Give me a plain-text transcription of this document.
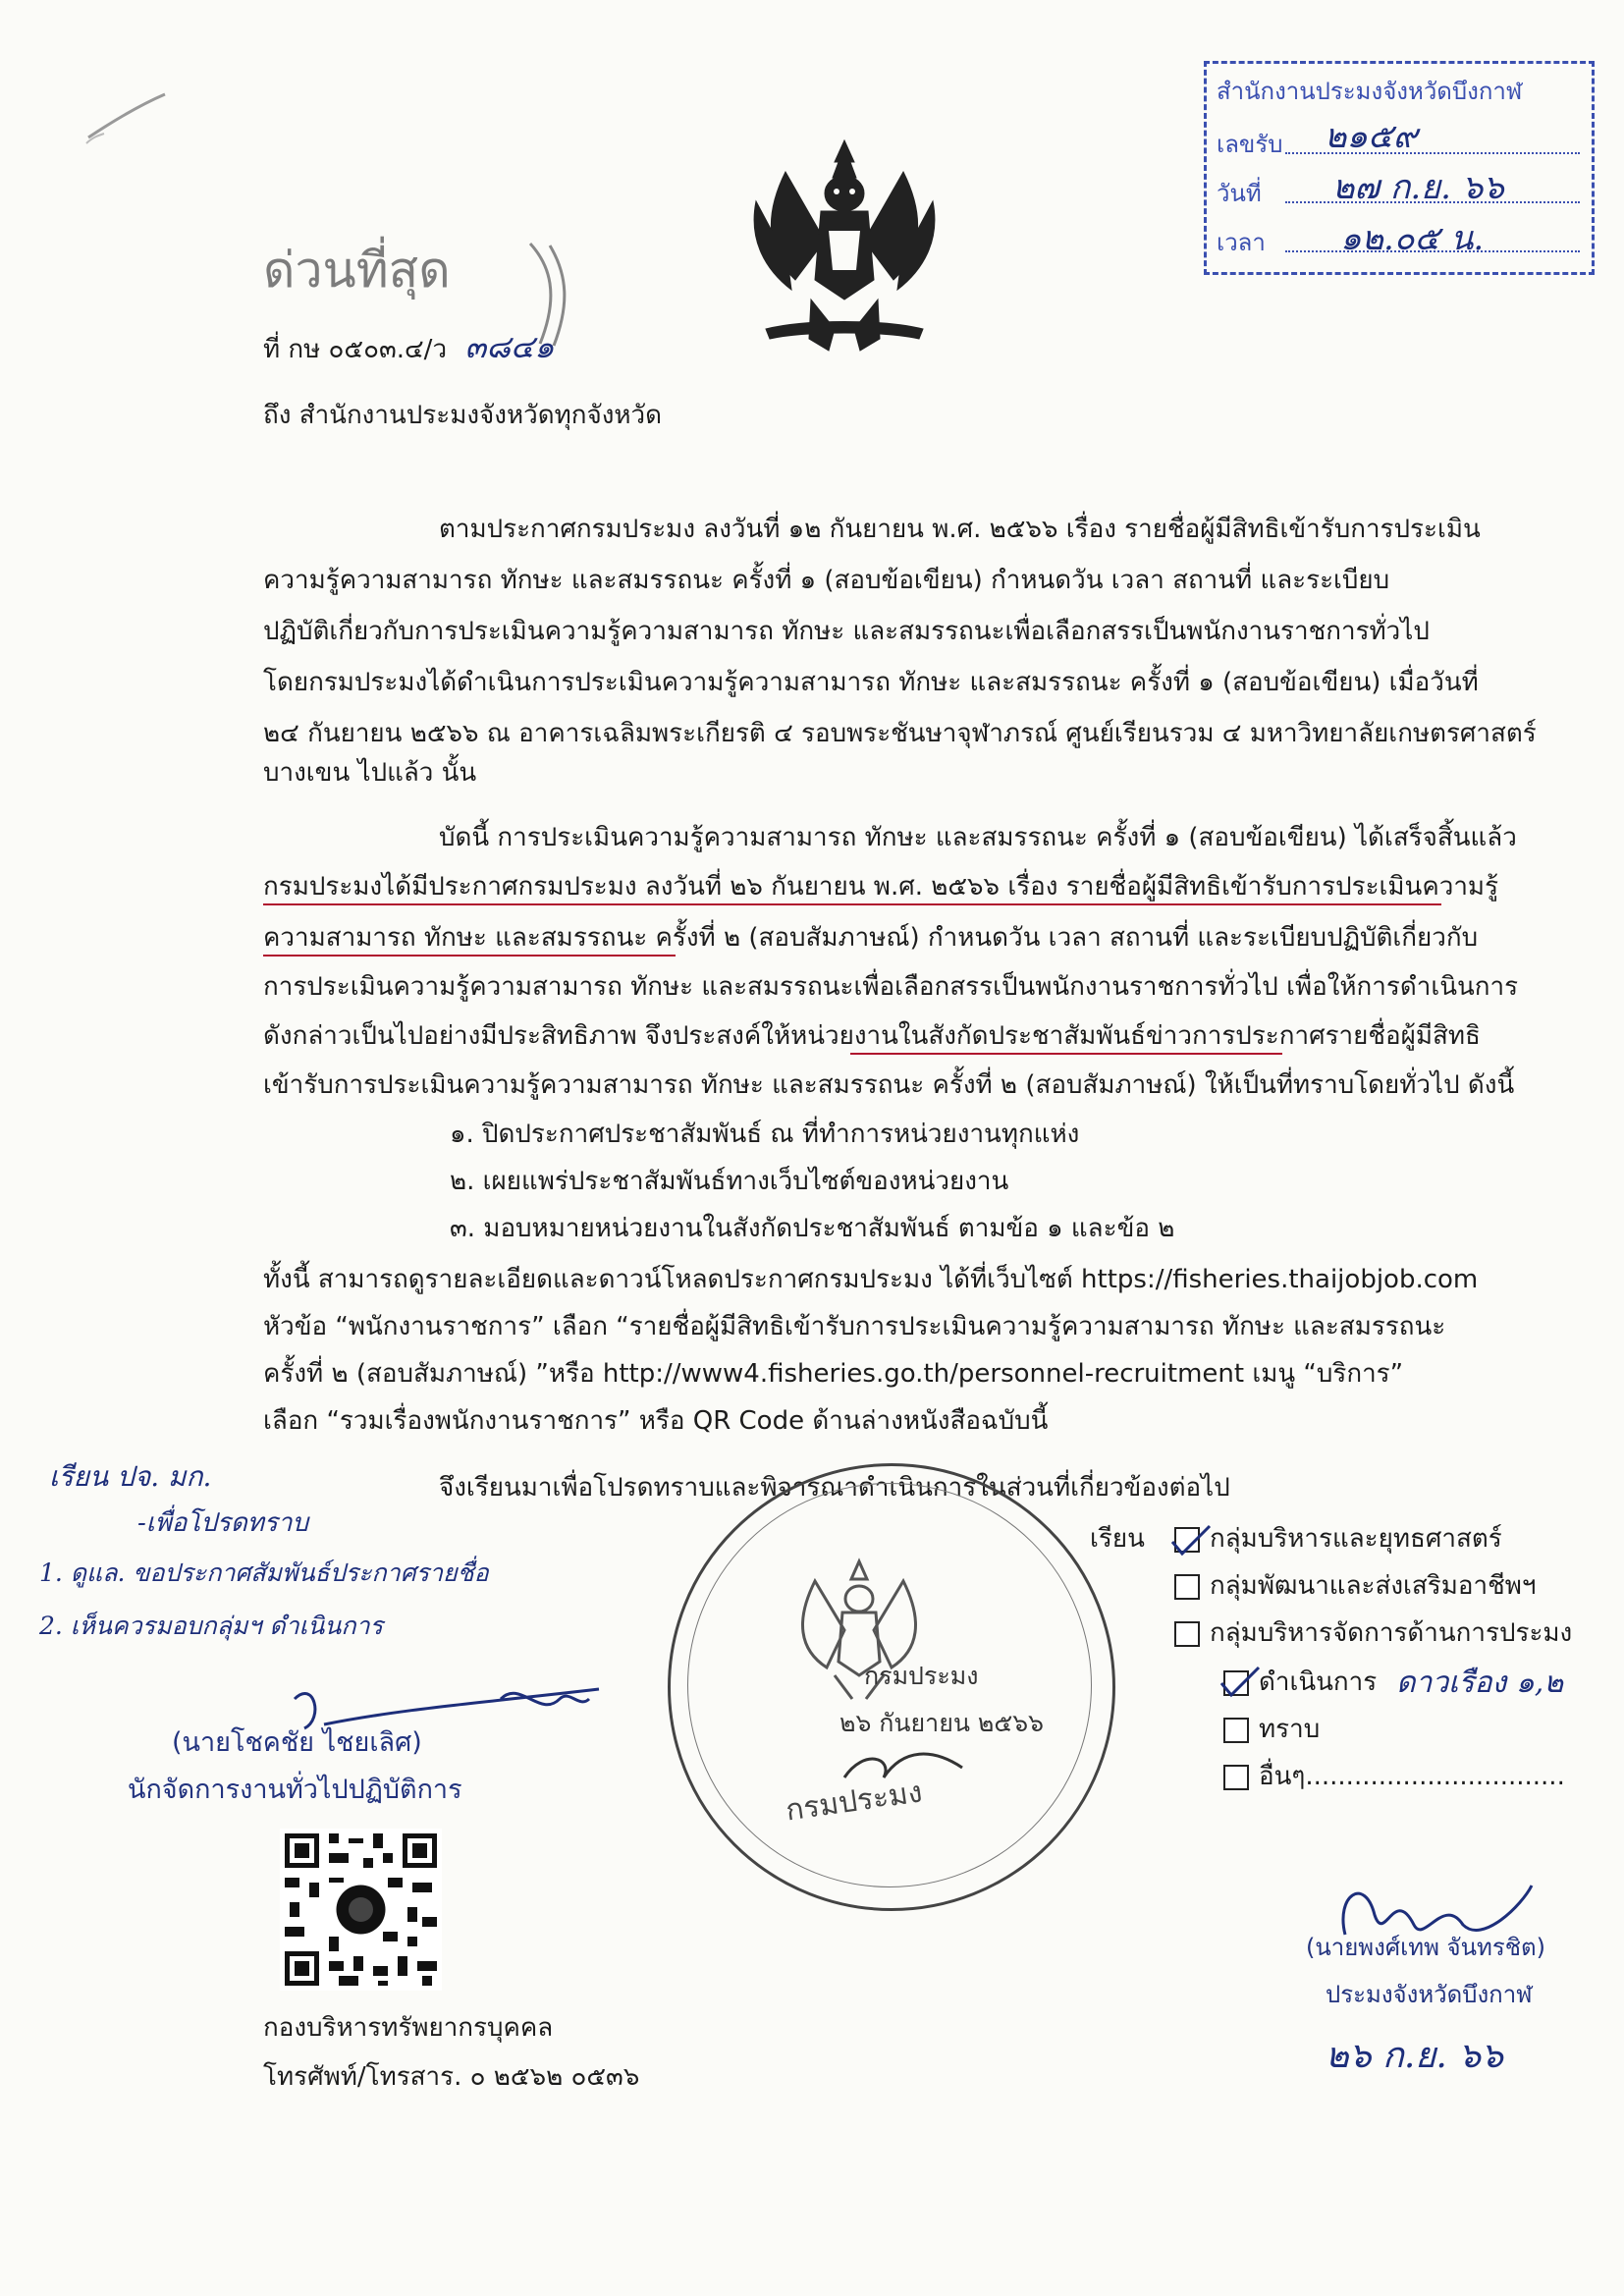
สำนักงานประมงจังหวัดบึงกาฬ
เลขรับ ๒๑๕๙
วันที่ ๒๗ ก.ย. ๖๖
เวลา ๑๒.๐๕ น.
ด่วนที่สุด
ที่ กษ ๐๕๐๓.๔/ว ๓๘๔๑
ถึง สำนักงานประมงจังหวัดทุกจังหวัด
ตามประกาศกรมประมง ลงวันที่ ๑๒ กันยายน พ.ศ. ๒๕๖๖ เรื่อง รายชื่อผู้มีสิทธิเข้ารับการประเมิน
ความรู้ความสามารถ ทักษะ และสมรรถนะ ครั้งที่ ๑ (สอบข้อเขียน) กำหนดวัน เวลา สถานที่ และระเบียบ
ปฏิบัติเกี่ยวกับการประเมินความรู้ความสามารถ ทักษะ และสมรรถนะเพื่อเลือกสรรเป็นพนักงานราชการทั่วไป
โดยกรมประมงได้ดำเนินการประเมินความรู้ความสามารถ ทักษะ และสมรรถนะ ครั้งที่ ๑ (สอบข้อเขียน) เมื่อวันที่
๒๔ กันยายน ๒๕๖๖ ณ อาคารเฉลิมพระเกียรติ ๔ รอบพระชันษาจุฬาภรณ์ ศูนย์เรียนรวม ๔ มหาวิทยาลัยเกษตรศาสตร์
บางเขน ไปแล้ว นั้น
บัดนี้ การประเมินความรู้ความสามารถ ทักษะ และสมรรถนะ ครั้งที่ ๑ (สอบข้อเขียน) ได้เสร็จสิ้นแล้ว
กรมประมงได้มีประกาศกรมประมง ลงวันที่ ๒๖ กันยายน พ.ศ. ๒๕๖๖ เรื่อง รายชื่อผู้มีสิทธิเข้ารับการประเมินความรู้
ความสามารถ ทักษะ และสมรรถนะ ครั้งที่ ๒ (สอบสัมภาษณ์) กำหนดวัน เวลา สถานที่ และระเบียบปฏิบัติเกี่ยวกับ
การประเมินความรู้ความสามารถ ทักษะ และสมรรถนะเพื่อเลือกสรรเป็นพนักงานราชการทั่วไป เพื่อให้การดำเนินการ
ดังกล่าวเป็นไปอย่างมีประสิทธิภาพ จึงประสงค์ให้หน่วยงานในสังกัดประชาสัมพันธ์ข่าวการประกาศรายชื่อผู้มีสิทธิ
เข้ารับการประเมินความรู้ความสามารถ ทักษะ และสมรรถนะ ครั้งที่ ๒ (สอบสัมภาษณ์) ให้เป็นที่ทราบโดยทั่วไป ดังนี้
๑. ปิดประกาศประชาสัมพันธ์ ณ ที่ทำการหน่วยงานทุกแห่ง
๒. เผยแพร่ประชาสัมพันธ์ทางเว็บไซต์ของหน่วยงาน
๓. มอบหมายหน่วยงานในสังกัดประชาสัมพันธ์ ตามข้อ ๑ และข้อ ๒
ทั้งนี้ สามารถดูรายละเอียดและดาวน์โหลดประกาศกรมประมง ได้ที่เว็บไซต์ https://fisheries.thaijobjob.com
หัวข้อ “พนักงานราชการ” เลือก “รายชื่อผู้มีสิทธิเข้ารับการประเมินความรู้ความสามารถ ทักษะ และสมรรถนะ
ครั้งที่ ๒ (สอบสัมภาษณ์) ”หรือ http://www4.fisheries.go.th/personnel-recruitment เมนู “บริการ”
เลือก “รวมเรื่องพนักงานราชการ” หรือ QR Code ด้านล่างหนังสือฉบับนี้
จึงเรียนมาเพื่อโปรดทราบและพิจารณาดำเนินการในส่วนที่เกี่ยวข้องต่อไป
เรียน ปจ. มก.
-เพื่อโปรดทราบ
1. ดูแล. ขอประกาศสัมพันธ์ประกาศรายชื่อ
2. เห็นควรมอบกลุ่มฯ ดำเนินการ
(นายโชคชัย ไชยเลิศ)
นักจัดการงานทั่วไปปฏิบัติการ
กองบริหารทรัพยากรบุคคล
โทรศัพท์/โทรสาร. ๐ ๒๕๖๒ ๐๕๓๖
กรมประมง
๒๖ กันยายน ๒๕๖๖
กรมประมง
เรียน	กลุ่มบริหารและยุทธศาสตร์
กลุ่มพัฒนาและส่งเสริมอาชีพฯ
กลุ่มบริหารจัดการด้านการประมง
ดำเนินการ ดาวเรือง ๑,๒
ทราบ
อื่นๆ................................
(นายพงศ์เทพ จันทรชิต)
ประมงจังหวัดบึงกาฬ
๒๖ ก.ย. ๖๖
